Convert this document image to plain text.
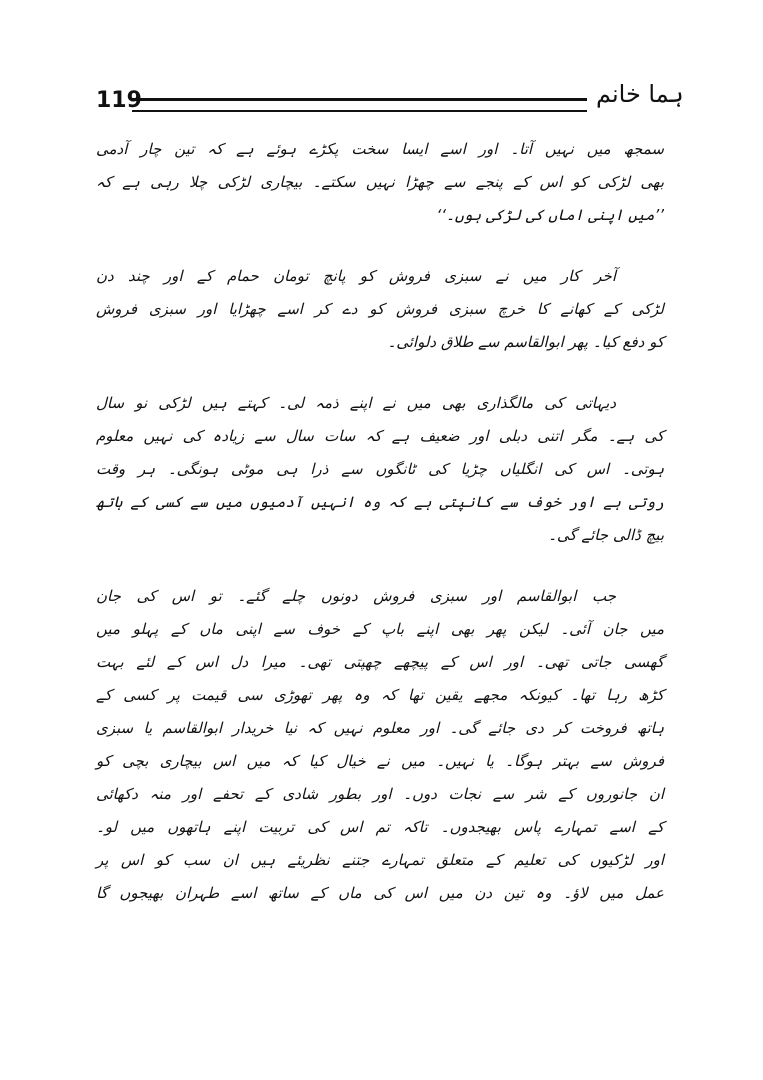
119	ہما خانم
سمجھ میں نہیں آتا۔ اور اسے ایسا سخت پکڑے ہوئے ہے کہ تین چار آدمی
بھی لڑکی کو اس کے پنجے سے چھڑا نہیں سکتے۔ بیچاری لڑکی چلا رہی ہے کہ
’’میں اپنی اماں کی لڑکی ہوں۔‘‘
آخر کار میں نے سبزی فروش کو پانچ تومان حمام کے اور چند دن
لڑکی کے کھانے کا خرچ سبزی فروش کو دے کر اسے چھڑایا اور سبزی فروش
کو دفع کیا۔ پھر ابوالقاسم سے طلاق دلوائی۔
دیہاتی کی مالگذاری بھی میں نے اپنے ذمہ لی۔ کہتے ہیں لڑکی نو سال
کی ہے۔ مگر اتنی دبلی اور ضعیف ہے کہ سات سال سے زیادہ کی نہیں معلوم
ہوتی۔ اس کی انگلیاں چڑیا کی ٹانگوں سے ذرا ہی موٹی ہونگی۔ ہر وقت
روتی ہے اور خوف سے کانپتی ہے کہ وہ انہیں آدمیوں میں سے کسی کے ہاتھ
بیچ ڈالی جائے گی۔
جب ابوالقاسم اور سبزی فروش دونوں چلے گئے۔ تو اس کی جان
میں جان آئی۔ لیکن پھر بھی اپنے باپ کے خوف سے اپنی ماں کے پہلو میں
گھسی جاتی تھی۔ اور اس کے پیچھے چھپتی تھی۔ میرا دل اس کے لئے بہت
کڑھ رہا تھا۔ کیونکہ مجھے یقین تھا کہ وہ پھر تھوڑی سی قیمت پر کسی کے
ہاتھ فروخت کر دی جائے گی۔ اور معلوم نہیں کہ نیا خریدار ابوالقاسم یا سبزی
فروش سے بہتر ہوگا۔ یا نہیں۔ میں نے خیال کیا کہ میں اس بیچاری بچی کو
ان جانوروں کے شر سے نجات دوں۔ اور بطور شادی کے تحفے اور منہ دکھائی
کے اسے تمہارے پاس بھیجدوں۔ تاکہ تم اس کی تربیت اپنے ہاتھوں میں لو۔
اور لڑکیوں کی تعلیم کے متعلق تمہارے جتنے نظریئے ہیں ان سب کو اس پر
عمل میں لاؤ۔ وہ تین دن میں اس کی ماں کے ساتھ اسے طہران بھیجوں گا
